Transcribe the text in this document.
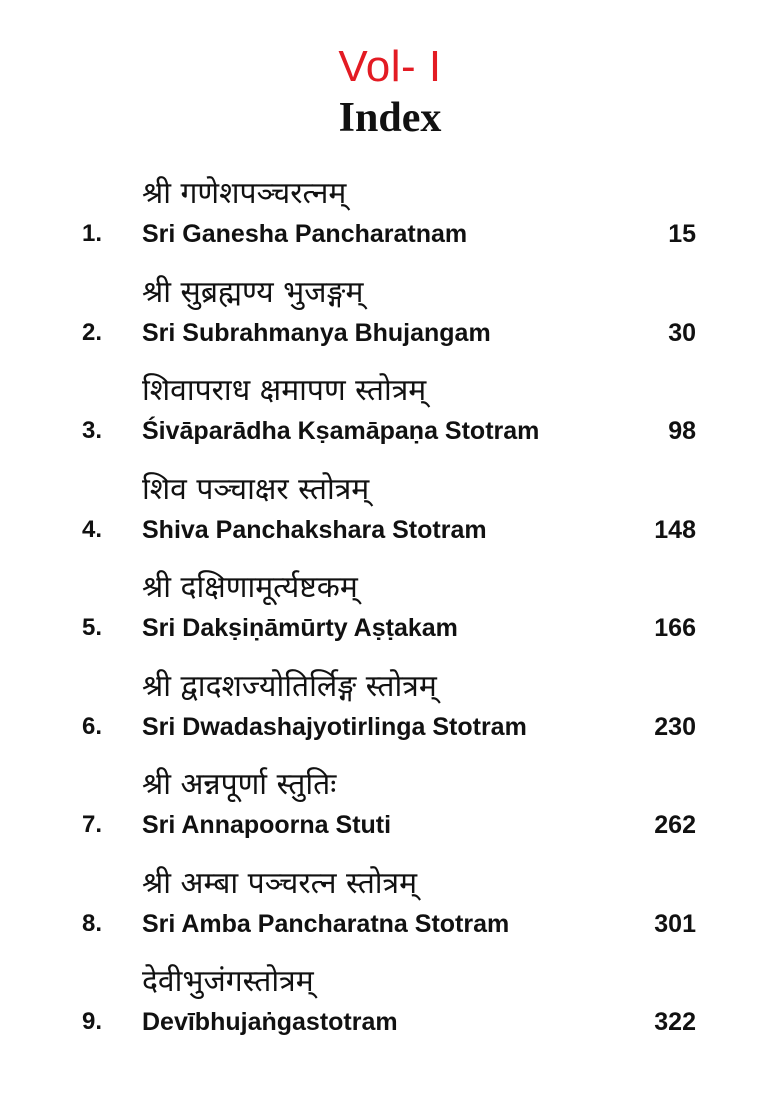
Vol- I
Index
श्री गणेशपञ्चरत्नम्
1. Sri Ganesha Pancharatnam	15
श्री सुब्रह्मण्य भुजङ्गम्
2. Sri Subrahmanya Bhujangam	30
शिवापराध क्षमापण स्तोत्रम्
3. Śivāparādha Kṣamāpaṇa Stotram	98
शिव पञ्चाक्षर स्तोत्रम्
4. Shiva Panchakshara Stotram	148
श्री दक्षिणामूर्त्यष्टकम्
5. Sri Dakṣiṇāmūrty Aṣṭakam	166
श्री द्वादशज्योतिर्लिङ्ग स्तोत्रम्
6. Sri Dwadashajyotirlinga Stotram	230
श्री अन्नपूर्णा स्तुतिः
7. Sri Annapoorna Stuti	262
श्री अम्बा पञ्चरत्न स्तोत्रम्
8. Sri Amba Pancharatna Stotram	301
देवीभुजंगस्तोत्रम्
9. Devībhujaṅgastotram	322
